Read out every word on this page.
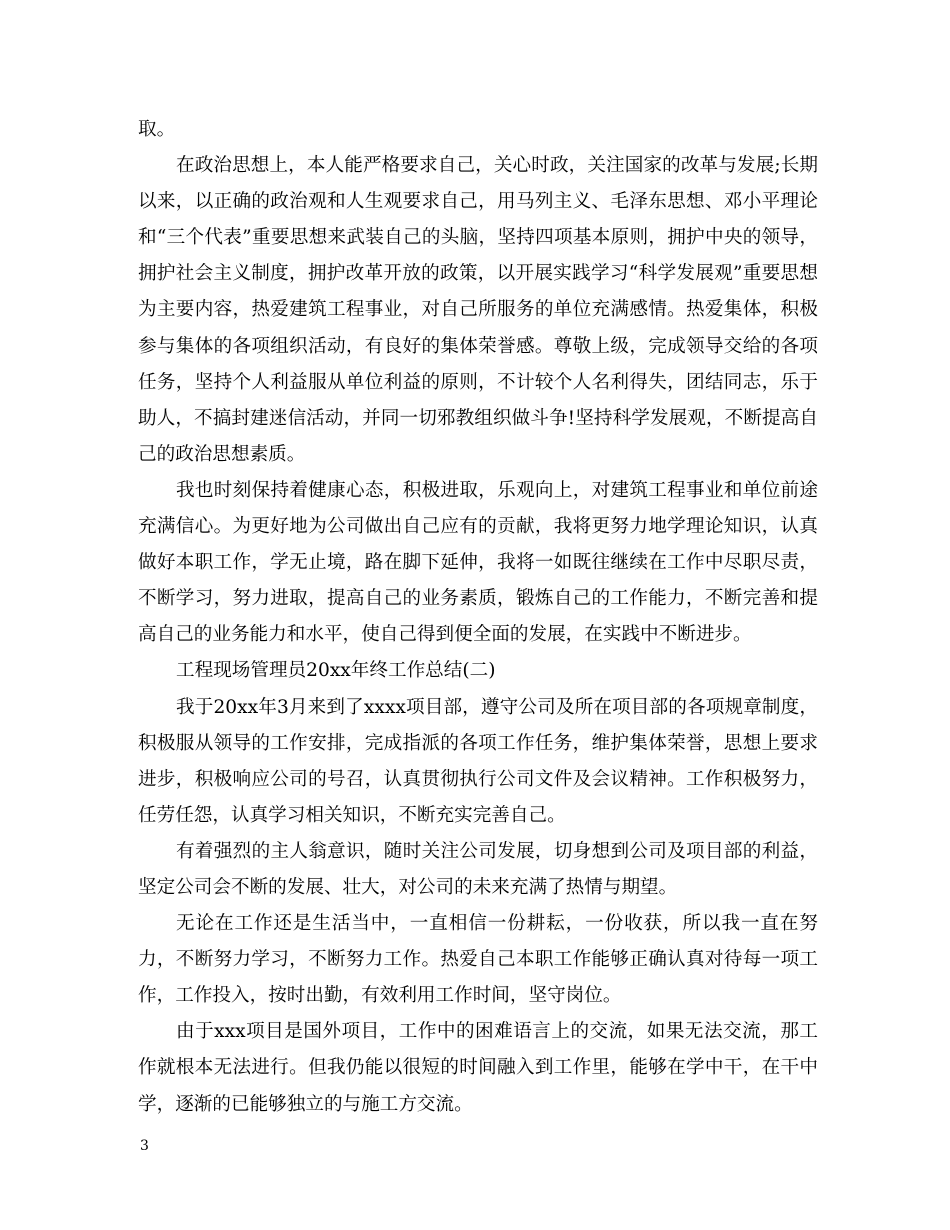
取。

在政治思想上，本人能严格要求自己，关心时政，关注国家的改革与发展;长期以来，以正确的政治观和人生观要求自己，用马列主义、毛泽东思想、邓小平理论和“三个代表”重要思想来武装自己的头脑，坚持四项基本原则，拥护中央的领导，拥护社会主义制度，拥护改革开放的政策，以开展实践学习“科学发展观”重要思想为主要内容，热爱建筑工程事业，对自己所服务的单位充满感情。热爱集体，积极参与集体的各项组织活动，有良好的集体荣誉感。尊敬上级，完成领导交给的各项任务，坚持个人利益服从单位利益的原则，不计较个人名利得失，团结同志，乐于助人，不搞封建迷信活动，并同一切邪教组织做斗争!坚持科学发展观，不断提高自己的政治思想素质。

我也时刻保持着健康心态，积极进取，乐观向上，对建筑工程事业和单位前途充满信心。为更好地为公司做出自己应有的贡献，我将更努力地学理论知识，认真做好本职工作，学无止境，路在脚下延伸，我将一如既往继续在工作中尽职尽责，不断学习，努力进取，提高自己的业务素质，锻炼自己的工作能力，不断完善和提高自己的业务能力和水平，使自己得到便全面的发展，在实践中不断进步。

工程现场管理员20xx年终工作总结(二)

我于20xx年3月来到了xxxx项目部，遵守公司及所在项目部的各项规章制度，积极服从领导的工作安排，完成指派的各项工作任务，维护集体荣誉，思想上要求进步，积极响应公司的号召，认真贯彻执行公司文件及会议精神。工作积极努力，任劳任怨，认真学习相关知识，不断充实完善自己。

有着强烈的主人翁意识，随时关注公司发展，切身想到公司及项目部的利益，坚定公司会不断的发展、壮大，对公司的未来充满了热情与期望。

无论在工作还是生活当中，一直相信一份耕耘，一份收获，所以我一直在努力，不断努力学习，不断努力工作。热爱自己本职工作能够正确认真对待每一项工作，工作投入，按时出勤，有效利用工作时间，坚守岗位。

由于xxx项目是国外项目，工作中的困难语言上的交流，如果无法交流，那工作就根本无法进行。但我仍能以很短的时间融入到工作里，能够在学中干，在干中学，逐渐的已能够独立的与施工方交流。

3
